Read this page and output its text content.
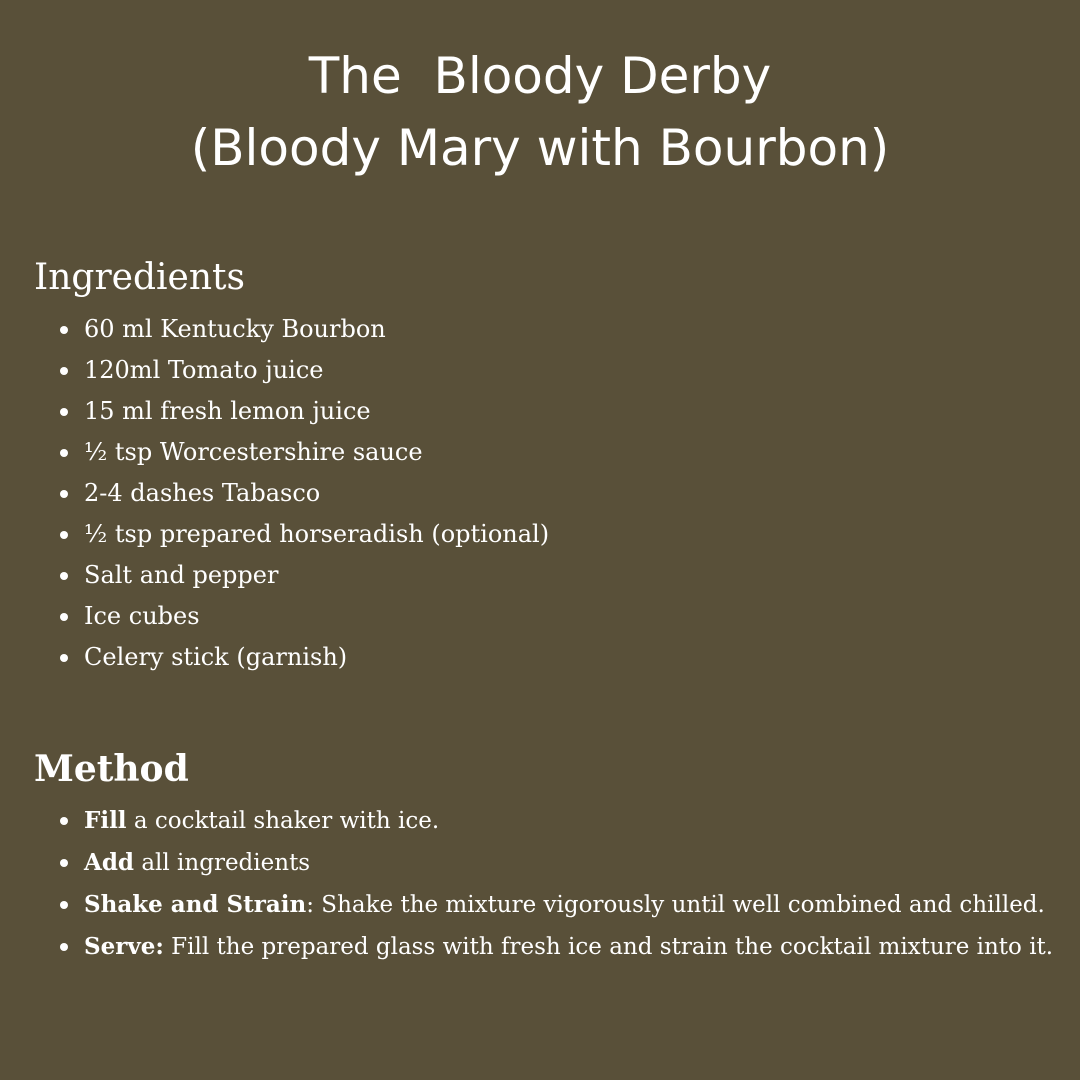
The  Bloody Derby
(Bloody Mary with Bourbon)
Ingredients
60 ml Kentucky Bourbon
120ml Tomato juice
15 ml fresh lemon juice
½ tsp Worcestershire sauce
2-4 dashes Tabasco
½ tsp prepared horseradish (optional)
Salt and pepper
Ice cubes
Celery stick (garnish)
Method
Fill a cocktail shaker with ice.
Add all ingredients
Shake and Strain: Shake the mixture vigorously until well combined and chilled.
Serve: Fill the prepared glass with fresh ice and strain the cocktail mixture into it.
